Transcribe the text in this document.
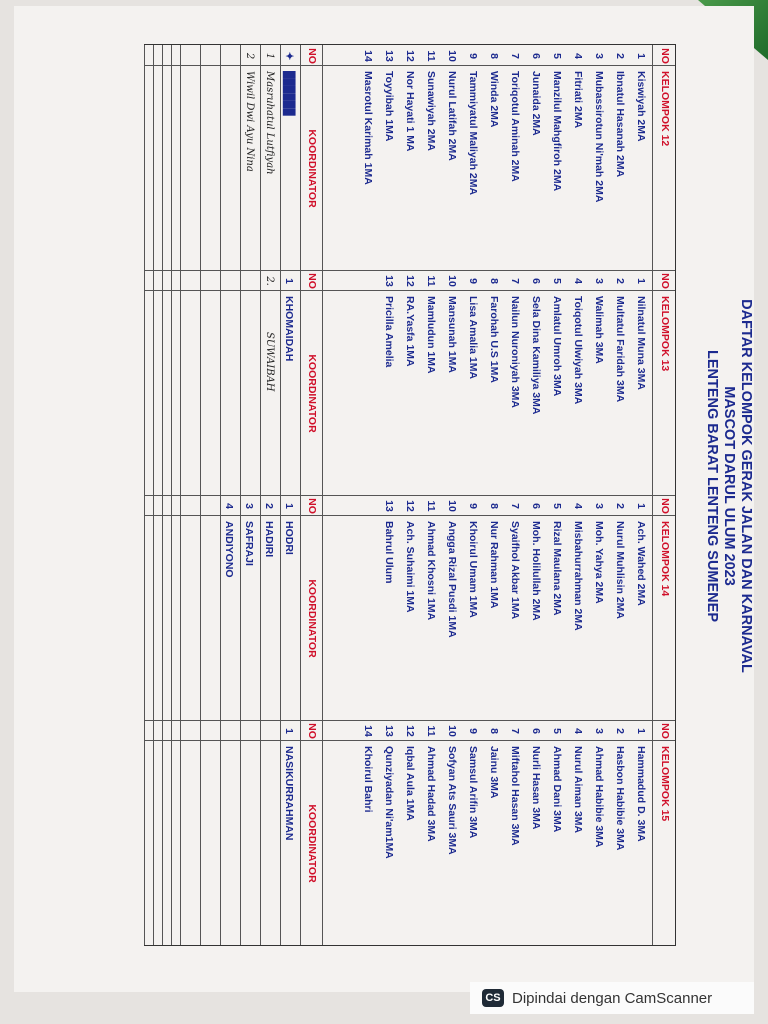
DAFTAR KELOMPOK GERAK JALAN DAN KARNAVAL
MASCOT DARUL ULUM 2023
LENTENG BARAT LENTENG SUMENEP
NO
KELOMPOK 12
1
Kiswiyah 2MA
2
Ibnatul Hasanah 2MA
3
Mubassirotun Ni'mah 2MA
4
Fitriati 2MA
5
Manzilul Mahgfiroh 2MA
6
Junaida 2MA
7
Toriqotul Aminah 2MA
8
Winda 2MA
9
Tammiyatul Maliyah 2MA
10
Nurul Latifah 2MA
11
Sunawiyah 2MA
12
Nor Hayati 1 MA
13
Toyyibah 1MA
14
Masrotul Karimah 1MA
NO
KOORDINATOR
✦
██████
1
Masruhatul Lutfiyah
2
Wiwil Dwi Ayu Nina
NO
KELOMPOK 13
1
Nilnatul Muna 3MA
2
Multatul Faridah 3MA
3
Walimah 3MA
4
Toiqotul Ulwiyah 3MA
5
Amlatul Umroh 3MA
6
Sela Dina Kamiliya 3MA
7
Nailun Nuroniyah 3MA
8
Farohah U.S 1MA
9
Lisa Amalia 1MA
10
Mansunah 1MA
11
Mamludun 1MA
12
RA.Yasfa 1MA
13
Pricilla Amelia
NO
KOORDINATOR
1
KHOMAIDAH
2.
SUWAIBAH
NO
KELOMPOK 14
1
Ach. Wahed 2MA
2
Nurul Muhlisin 2MA
3
Moh. Yahya 2MA
4
Misbahurrahman 2MA
5
Rizal Maulana 2MA
6
Moh. Holilullah 2MA
7
Syaifhol Akbar 1MA
8
Nur Rahman 1MA
9
Khoirul Umam 1MA
10
Angga Rizal Pusdi 1MA
11
Ahmad Khosni 1MA
12
Ach. Suhaimi 1MA
13
Bahrul Ulum
NO
KOORDINATOR
1
HODRI
2
HADIRI
3
SAFRAJI
4
ANDIYONO
NO
KELOMPOK 15
1
Hammadud D. 3MA
2
Hasbon Habibie 3MA
3
Ahmad Habibie 3MA
4
Nurul Aiman 3MA
5
Ahmad Dani 3MA
6
Nurli Hasan 3MA
7
Miftahol Hasan 3MA
8
Jainu 3MA
9
Samsul Arifin 3MA
10
Sofyan Ats Sauri 3MA
11
Ahmad Hadad 3MA
12
Iqbal Aula 1MA
13
Qunziyadan Ni'am1MA
14
Khoirul Bahri
NO
KOORDINATOR
1
NASIKURRAHMAN
CS Dipindai dengan CamScanner
